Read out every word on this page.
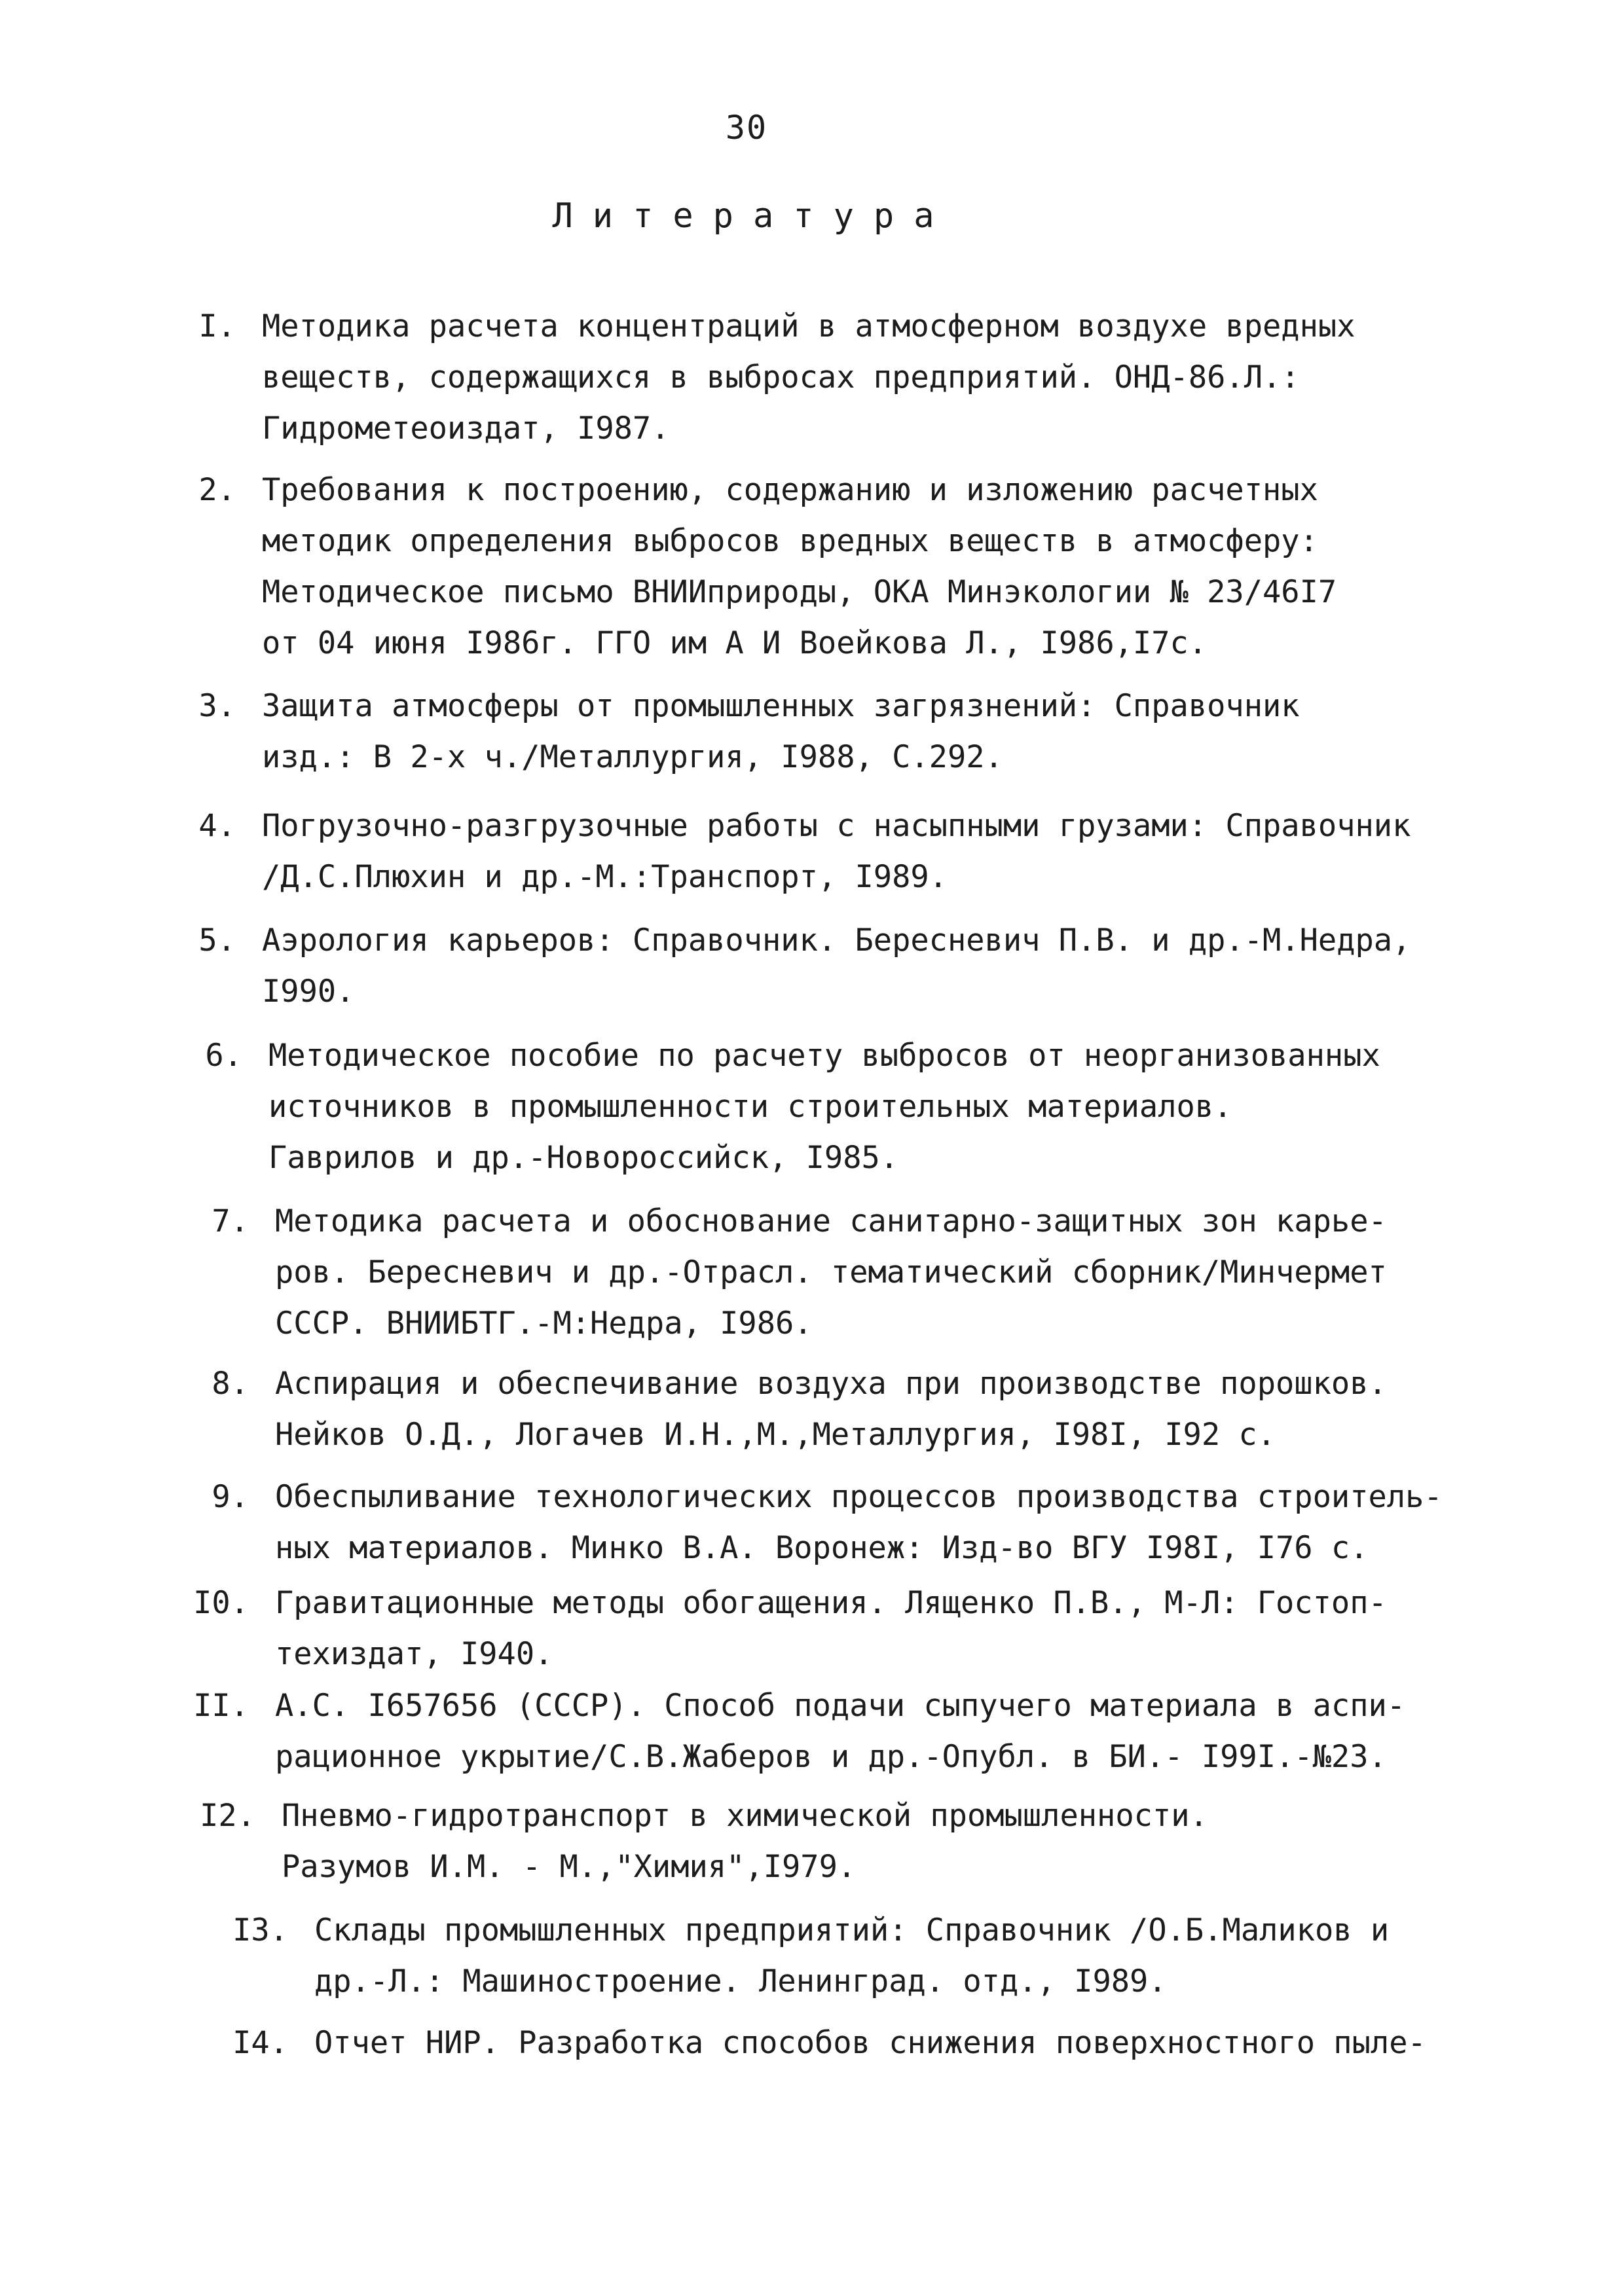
30
Литература
I. Методика расчета концентраций в атмосферном воздухе вредных
веществ, содержащихся в выбросах предприятий. ОНД-86.Л.:
Гидрометеоиздат, I987.
2. Требования к построению, содержанию и изложению расчетных
методик определения выбросов вредных веществ в атмосферу:
Методическое письмо ВНИИприроды, ОКА Минэкологии № 23/46I7
от 04 июня I986г. ГГО им А И Воейкова Л., I986,I7с.
3. Защита атмосферы от промышленных загрязнений: Справочник
изд.: В 2-х ч./Металлургия, I988, С.292.
4. Погрузочно-разгрузочные работы с насыпными грузами: Справочник
/Д.С.Плюхин и др.-М.:Транспорт, I989.
5. Аэрология карьеров: Справочник. Бересневич П.В. и др.-М.Недра,
I990.
6. Методическое пособие по расчету выбросов от неорганизованных
источников в промышленности строительных материалов.
Гаврилов и др.-Новороссийск, I985.
7. Методика расчета и обоснование санитарно-защитных зон карье-
ров. Бересневич и др.-Отрасл. тематический сборник/Минчермет
СССР. ВНИИБТГ.-М:Недра, I986.
8. Аспирация и обеспечивание воздуха при производстве порошков.
Нейков О.Д., Логачев И.Н.,М.,Металлургия, I98I, I92 с.
9. Обеспыливание технологических процессов производства строитель-
ных материалов. Минко В.А. Воронеж: Изд-во ВГУ I98I, I76 с.
I0. Гравитационные методы обогащения. Лященко П.В., М-Л: Гостоп-
техиздат, I940.
II. А.С. I657656 (СССР). Способ подачи сыпучего материала в аспи-
рационное укрытие/С.В.Жаберов и др.-Опубл. в БИ.- I99I.-№23.
I2. Пневмо-гидротранспорт в химической промышленности.
Разумов И.М. - М.,"Химия",I979.
I3. Склады промышленных предприятий: Справочник /О.Б.Маликов и
др.-Л.: Машиностроение. Ленинград. отд., I989.
I4. Отчет НИР. Разработка способов снижения поверхностного пыле-
